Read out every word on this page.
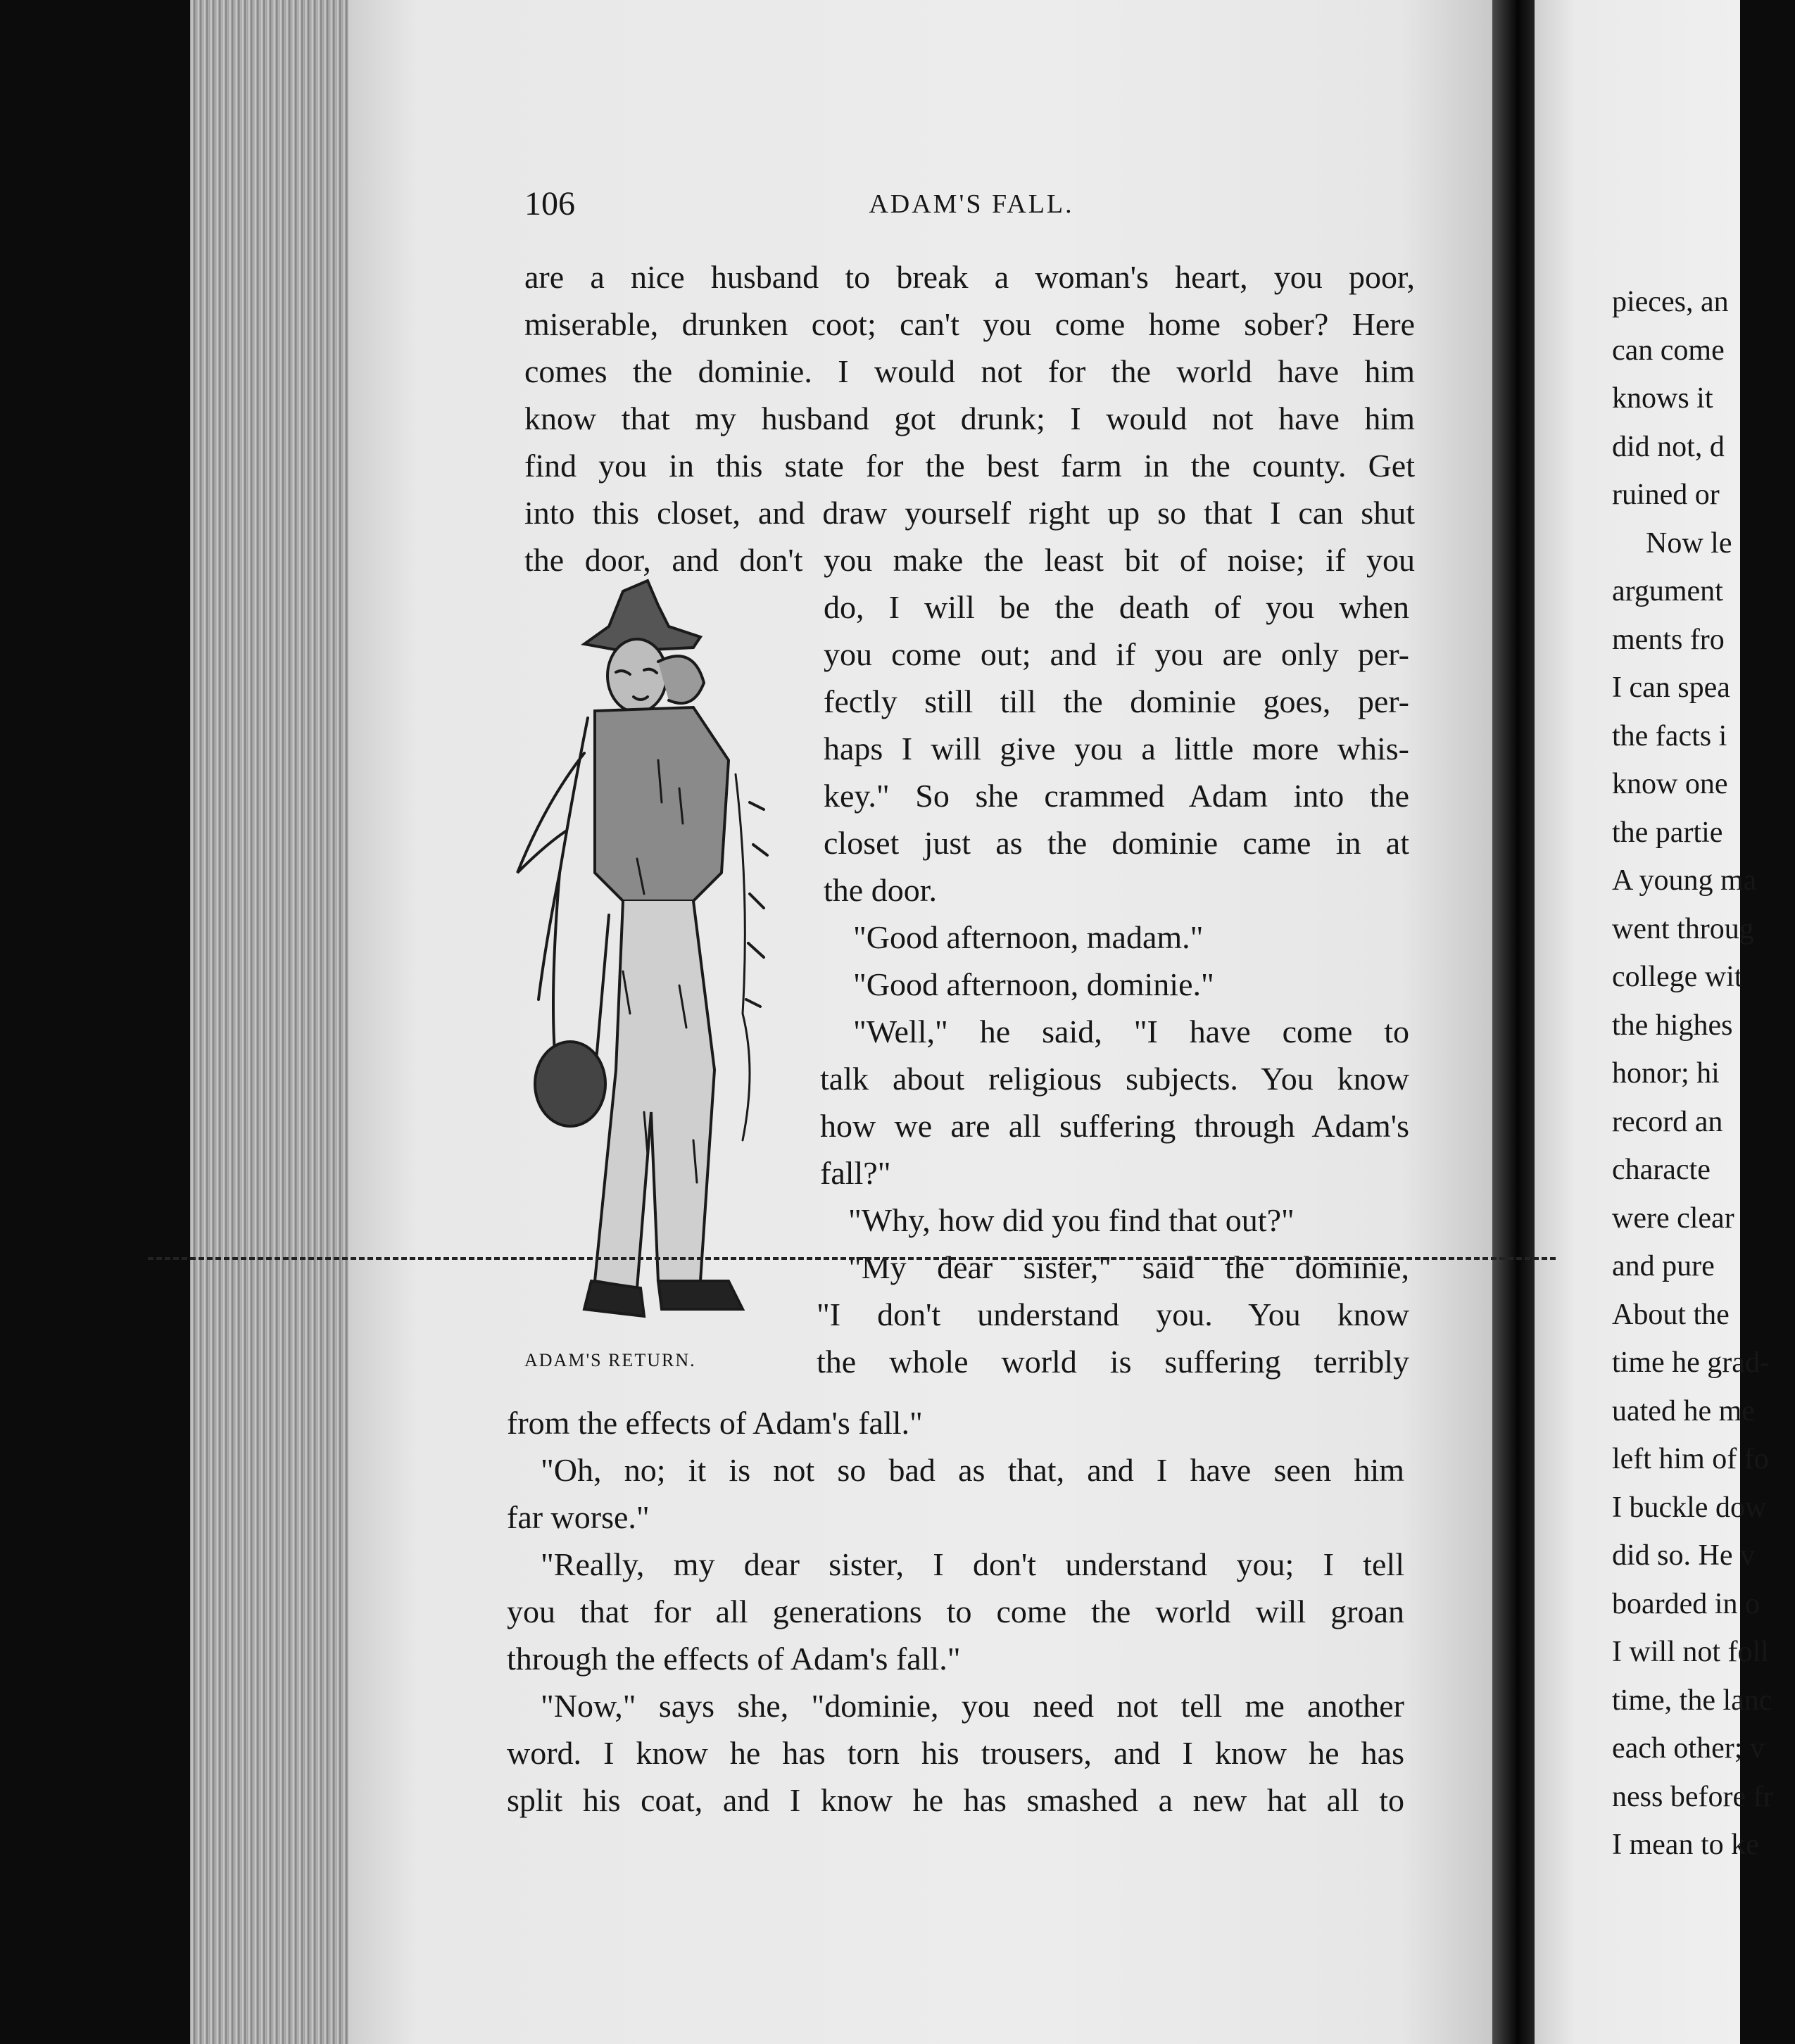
106	ADAM'S FALL.
are a nice husband to break a woman's heart, you poor,
miserable, drunken coot; can't you come home sober? Here
comes the dominie. I would not for the world have him
know that my husband got drunk; I would not have him
find you in this state for the best farm in the county. Get
into this closet, and draw yourself right up so that I can shut
the door, and don't you make the least bit of noise; if you
do, I will be the death of you when
you come out; and if you are only per-
fectly still till the dominie goes, per-
haps I will give you a little more whis-
key." So she crammed Adam into the
closet just as the dominie came in at
the door.
"Good afternoon, madam."
"Good afternoon, dominie."
"Well," he said, "I have come to
talk about religious subjects. You know
how we are all suffering through Adam's
fall?"
"Why, how did you find that out?"
"My dear sister," said the dominie,
"I don't understand you. You know
the whole world is suffering terribly
from the effects of Adam's fall."
"Oh, no; it is not so bad as that, and I have seen him
far worse."
"Really, my dear sister, I don't understand you; I tell
you that for all generations to come the world will groan
through the effects of Adam's fall."
"Now," says she, "dominie, you need not tell me another
word. I know he has torn his trousers, and I know he has
split his coat, and I know he has smashed a new hat all to
ADAM'S RETURN.
pieces, an
can come
knows it
did not, d
ruined or
Now le
argument
ments fro
I can spea
the facts i
know one
the partie
A young ma
went throug
college wit
the highes
honor; hi
record an
characte
were clear
and pure
About the
time he grad-
uated he me
left him of fo
I buckle dow
did so. He v
boarded in o
I will not foll
time, the lanc
each other; v
ness before fr
I mean to ke
